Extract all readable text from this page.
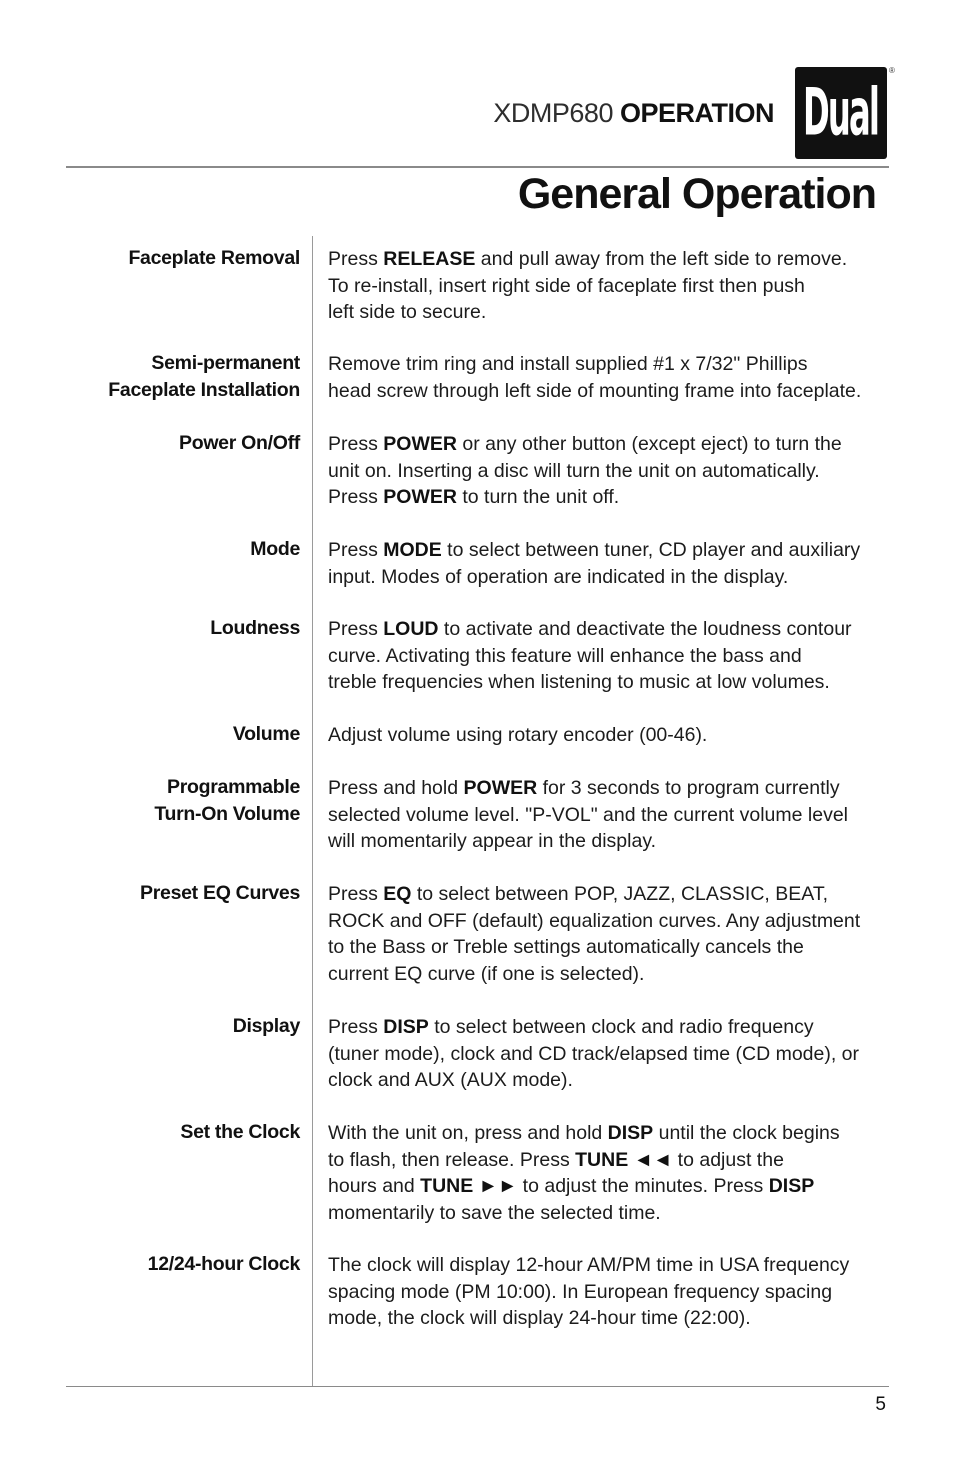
XDMP680 OPERATION Dual
®
General Operation
Faceplate Removal Press RELEASE and pull away from the left side to remove.
To re-install, insert right side of faceplate first then push
left side to secure.
Semi-permanent
Faceplate Installation
Remove trim ring and install supplied #1 x 7/32" Phillips
head screw through left side of mounting frame into faceplate.
Power On/Off Press POWER or any other button (except eject) to turn the
unit on. Inserting a disc will turn the unit on automatically.
Press POWER to turn the unit off.
Mode Press MODE to select between tuner, CD player and auxiliary
input. Modes of operation are indicated in the display.
Loudness Press LOUD to activate and deactivate the loudness contour
curve. Activating this feature will enhance the bass and
treble frequencies when listening to music at low volumes.
Volume Adjust volume using rotary encoder (00-46).
Programmable
Turn-On Volume
Press and hold POWER for 3 seconds to program currently
selected volume level. "P-VOL" and the current volume level
will momentarily appear in the display.
Preset EQ Curves Press EQ to select between POP, JAZZ, CLASSIC, BEAT,
ROCK and OFF (default) equalization curves. Any adjustment
to the Bass or Treble settings automatically cancels the
current EQ curve (if one is selected).
Display Press DISP to select between clock and radio frequency
(tuner mode), clock and CD track/elapsed time (CD mode), or
clock and AUX (AUX mode).
Set the Clock With the unit on, press and hold DISP until the clock begins
to flash, then release. Press TUNE ◄◄ to adjust the
hours and TUNE ►► to adjust the minutes. Press DISP
momentarily to save the selected time.
12/24-hour Clock The clock will display 12-hour AM/PM time in USA frequency
spacing mode (PM 10:00). In European frequency spacing
mode, the clock will display 24-hour time (22:00).
5
